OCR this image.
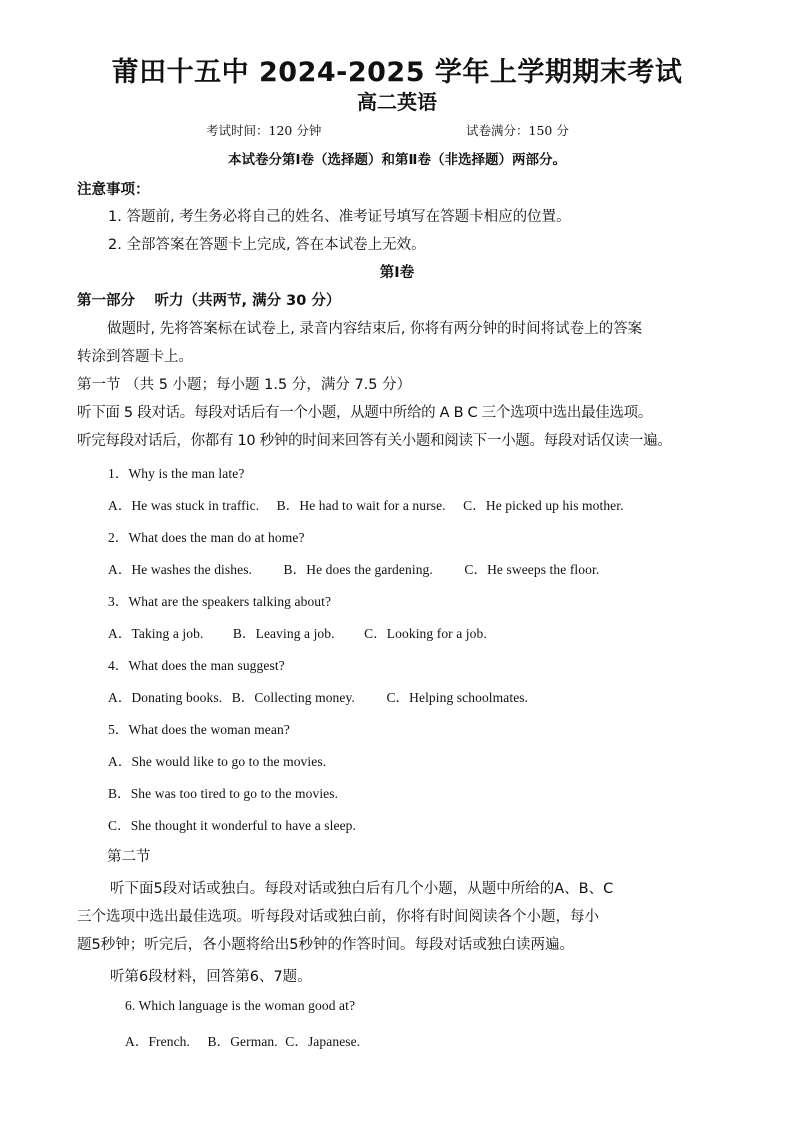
莆田十五中 2024-2025 学年上学期期末考试
高二英语
考试时间：120 分钟	试卷满分：150 分
本试卷分第Ⅰ卷（选择题）和第Ⅱ卷（非选择题）两部分。
注意事项：
1. 答题前, 考生务必将自己的姓名、准考证号填写在答题卡相应的位置。
2. 全部答案在答题卡上完成, 答在本试卷上无效。
第Ⅰ卷
第一部分　 听力（共两节, 满分 30 分）
做题时, 先将答案标在试卷上, 录音内容结束后, 你将有两分钟的时间将试卷上的答案
转涂到答题卡上。
第一节 （共 5 小题；每小题 1.5 分，满分 7.5 分）
听下面 5 段对话。每段对话后有一个小题，从题中所给的 A B C 三个选项中选出最佳选项。
听完每段对话后，你都有 10 秒钟的时间来回答有关小题和阅读下一小题。每段对话仅读一遍。
1．Why is the man late?
A．He was stuck in traffic. B．He had to wait for a nurse. C．He picked up his mother.
2．What does the man do at home?
A．He washes the dishes. B．He does the gardening. C．He sweeps the floor.
3．What are the speakers talking about?
A．Taking a job. B．Leaving a job. C．Looking for a job.
4．What does the man suggest?
A．Donating books. B．Collecting money. C．Helping schoolmates.
5．What does the woman mean?
A．She would like to go to the movies.
B．She was too tired to go to the movies.
C．She thought it wonderful to have a sleep.
第二节
听下面5段对话或独白。每段对话或独白后有几个小题，从题中所给的A、B、C
三个选项中选出最佳选项。听每段对话或独白前，你将有时间阅读各个小题，每小
题5秒钟；听完后，各小题将给出5秒钟的作答时间。每段对话或独白读两遍。
听第6段材料，回答第6、7题。
6. Which language is the woman good at?
A．French. B．German. C．Japanese.
